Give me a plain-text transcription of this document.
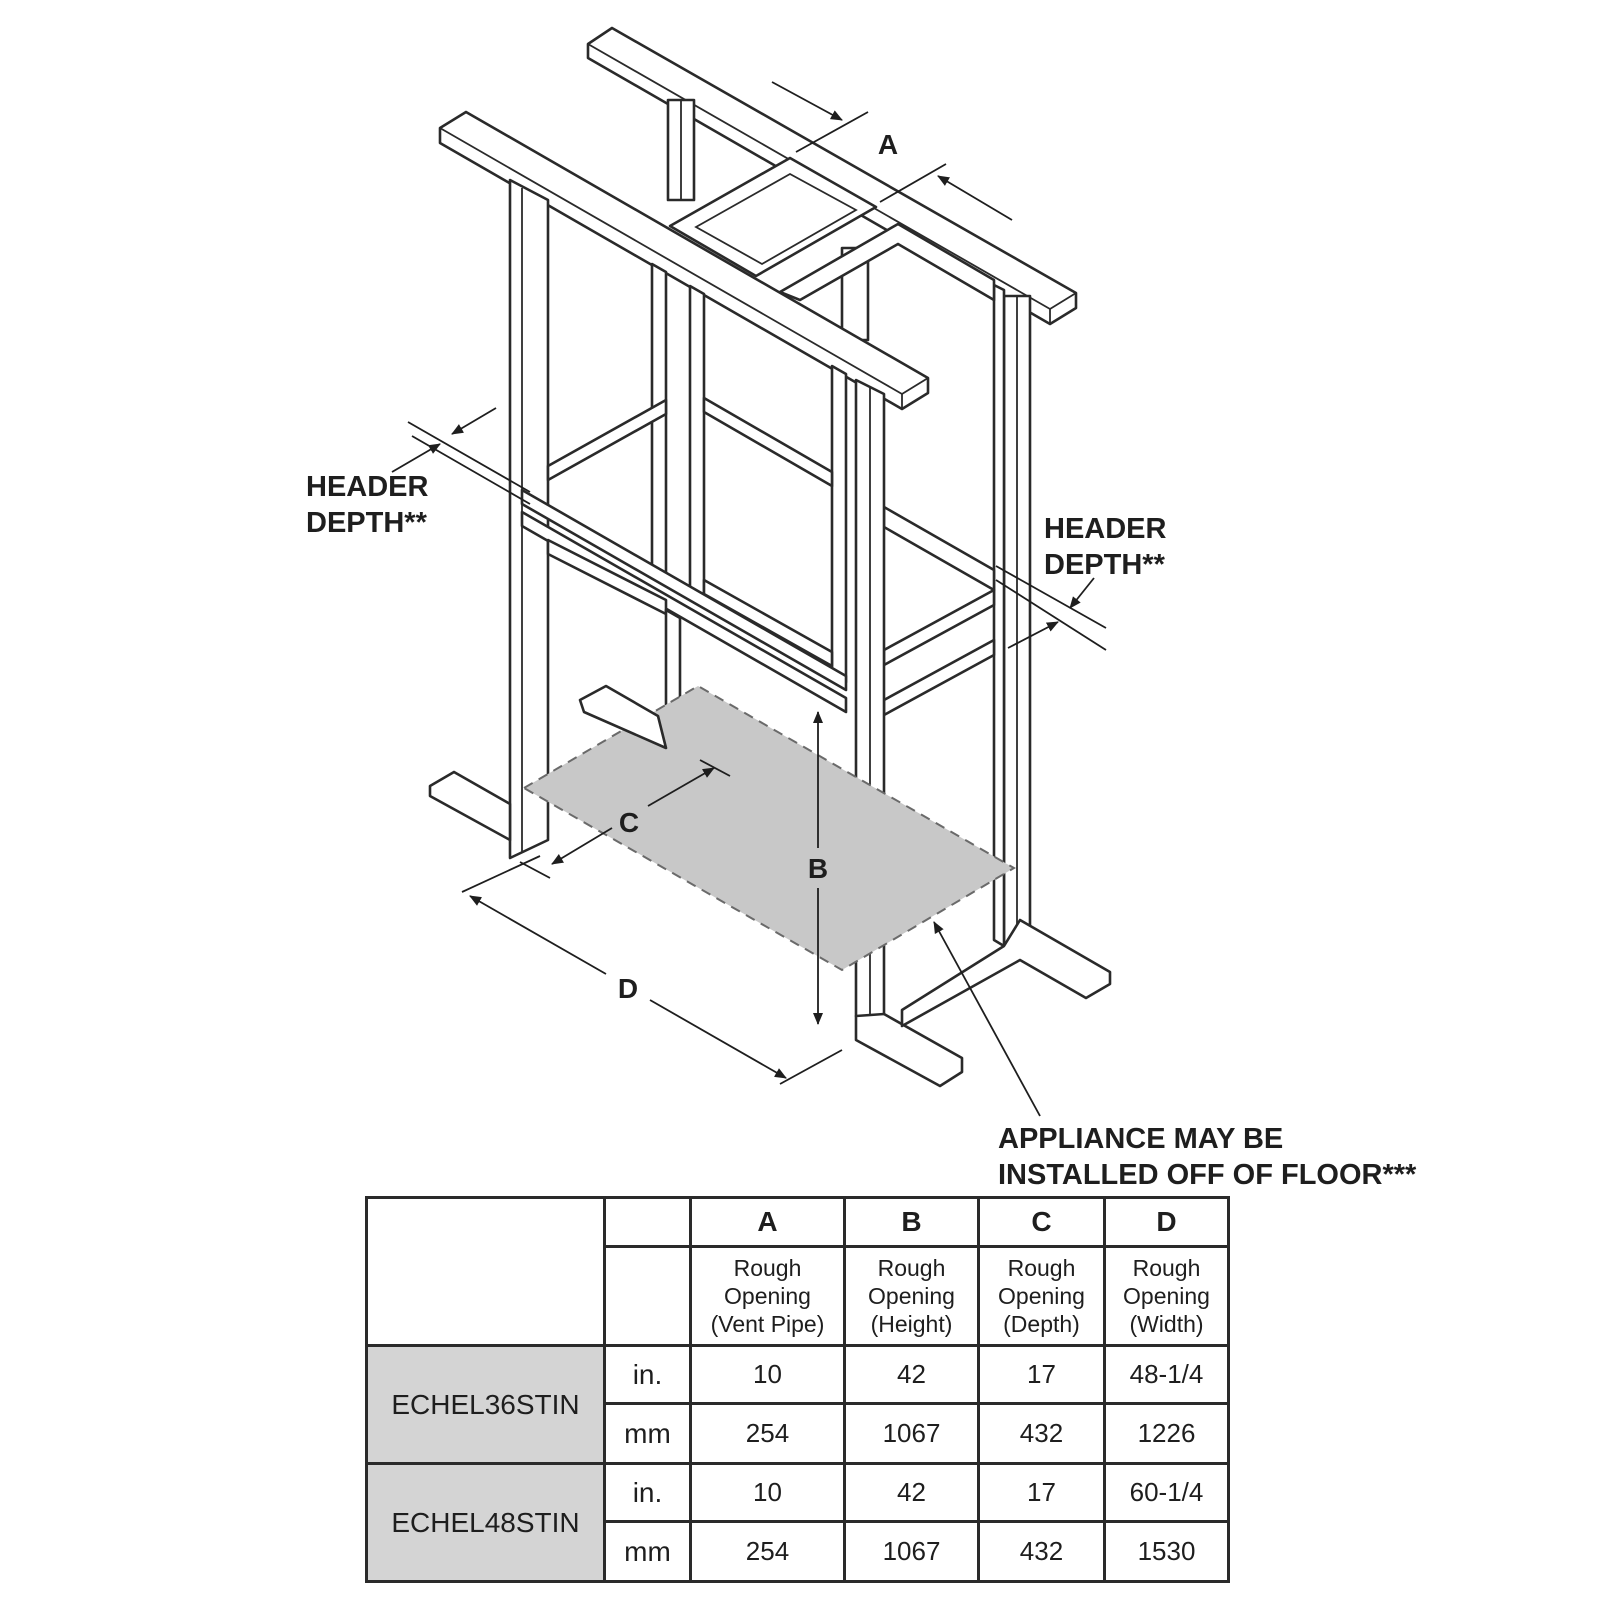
A
HEADER
DEPTH**	HEADER
DEPTH**
C
B
D
APPLIANCE MAY BE
INSTALLED OFF OF FLOOR***
		A	B	C	D

		Rough
Opening
(Vent Pipe)	Rough
Opening
(Height)	Rough
Opening
(Depth)	Rough
Opening
(Width)

ECHEL36STIN	in.	10	42	17	48-1/4
	mm	254	1067	432	1226
ECHEL48STIN	in.	10	42	17	60-1/4
	mm	254	1067	432	1530
